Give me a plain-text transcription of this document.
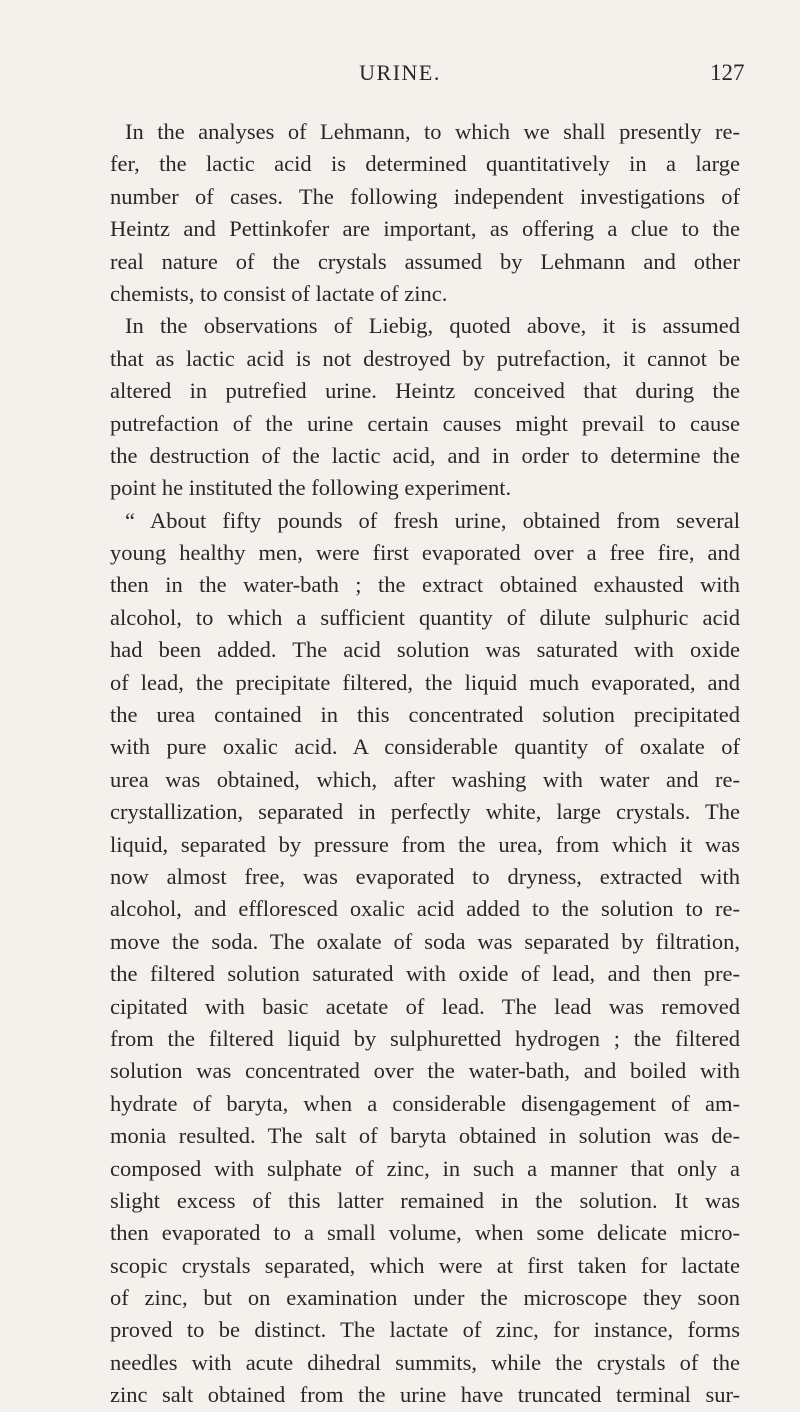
URINE.	127
In the analyses of Lehmann, to which we shall presently re-
fer, the lactic acid is determined quantitatively in a large
number of cases. The following independent investigations of
Heintz and Pettinkofer are important, as offering a clue to the
real nature of the crystals assumed by Lehmann and other
chemists, to consist of lactate of zinc.
In the observations of Liebig, quoted above, it is assumed
that as lactic acid is not destroyed by putrefaction, it cannot be
altered in putrefied urine. Heintz conceived that during the
putrefaction of the urine certain causes might prevail to cause
the destruction of the lactic acid, and in order to determine the
point he instituted the following experiment.
“ About fifty pounds of fresh urine, obtained from several
young healthy men, were first evaporated over a free fire, and
then in the water-bath ; the extract obtained exhausted with
alcohol, to which a sufficient quantity of dilute sulphuric acid
had been added. The acid solution was saturated with oxide
of lead, the precipitate filtered, the liquid much evaporated, and
the urea contained in this concentrated solution precipitated
with pure oxalic acid. A considerable quantity of oxalate of
urea was obtained, which, after washing with water and re-
crystallization, separated in perfectly white, large crystals. The
liquid, separated by pressure from the urea, from which it was
now almost free, was evaporated to dryness, extracted with
alcohol, and effloresced oxalic acid added to the solution to re-
move the soda. The oxalate of soda was separated by filtration,
the filtered solution saturated with oxide of lead, and then pre-
cipitated with basic acetate of lead. The lead was removed
from the filtered liquid by sulphuretted hydrogen ; the filtered
solution was concentrated over the water-bath, and boiled with
hydrate of baryta, when a considerable disengagement of am-
monia resulted. The salt of baryta obtained in solution was de-
composed with sulphate of zinc, in such a manner that only a
slight excess of this latter remained in the solution. It was
then evaporated to a small volume, when some delicate micro-
scopic crystals separated, which were at first taken for lactate
of zinc, but on examination under the microscope they soon
proved to be distinct. The lactate of zinc, for instance, forms
needles with acute dihedral summits, while the crystals of the
zinc salt obtained from the urine have truncated terminal sur-
